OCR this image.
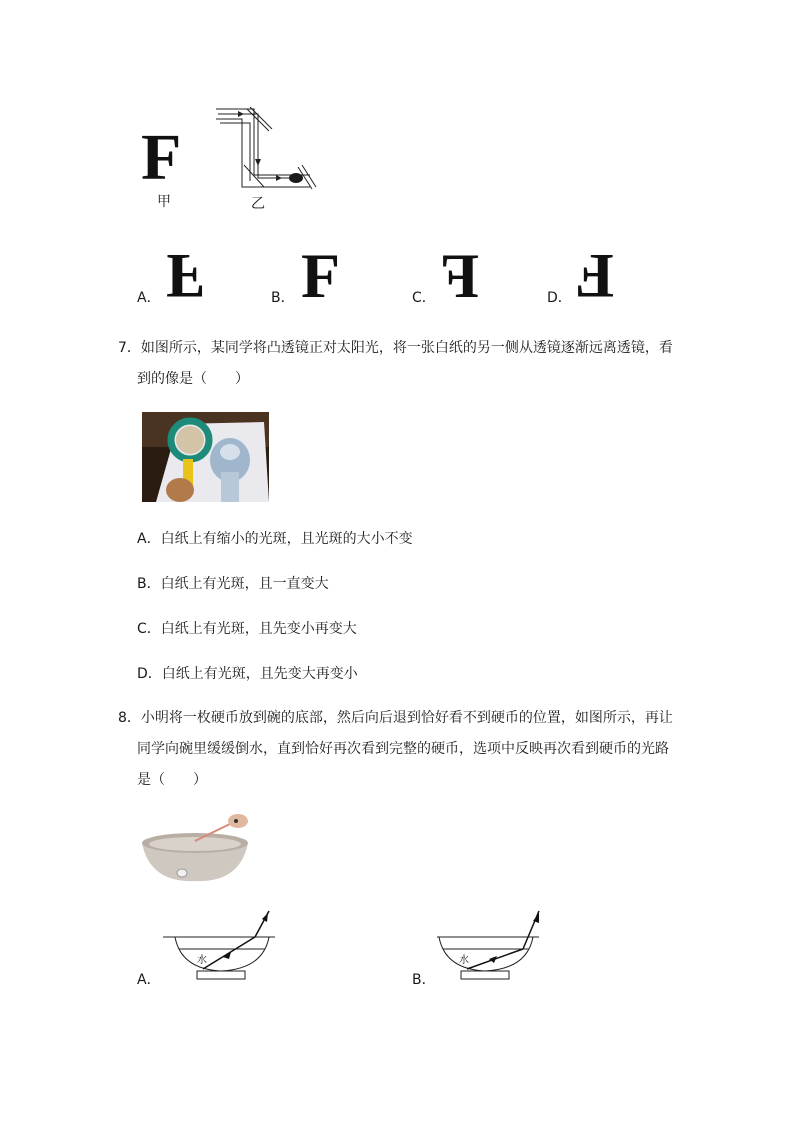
F
甲	乙
A． F	B． F	C． F	D． F
7．如图所示，某同学将凸透镜正对太阳光，将一张白纸的另一侧从透镜逐渐远离透镜，看
到的像是（　　）
A．白纸上有缩小的光斑，且光斑的大小不变
B．白纸上有光斑，且一直变大
C．白纸上有光斑，且先变小再变大
D．白纸上有光斑，且先变大再变小
8．小明将一枚硬币放到碗的底部，然后向后退到恰好看不到硬币的位置，如图所示，再让
同学向碗里缓缓倒水，直到恰好再次看到完整的硬币，选项中反映再次看到硬币的光路
是（　　）
A．
水
B．
水
